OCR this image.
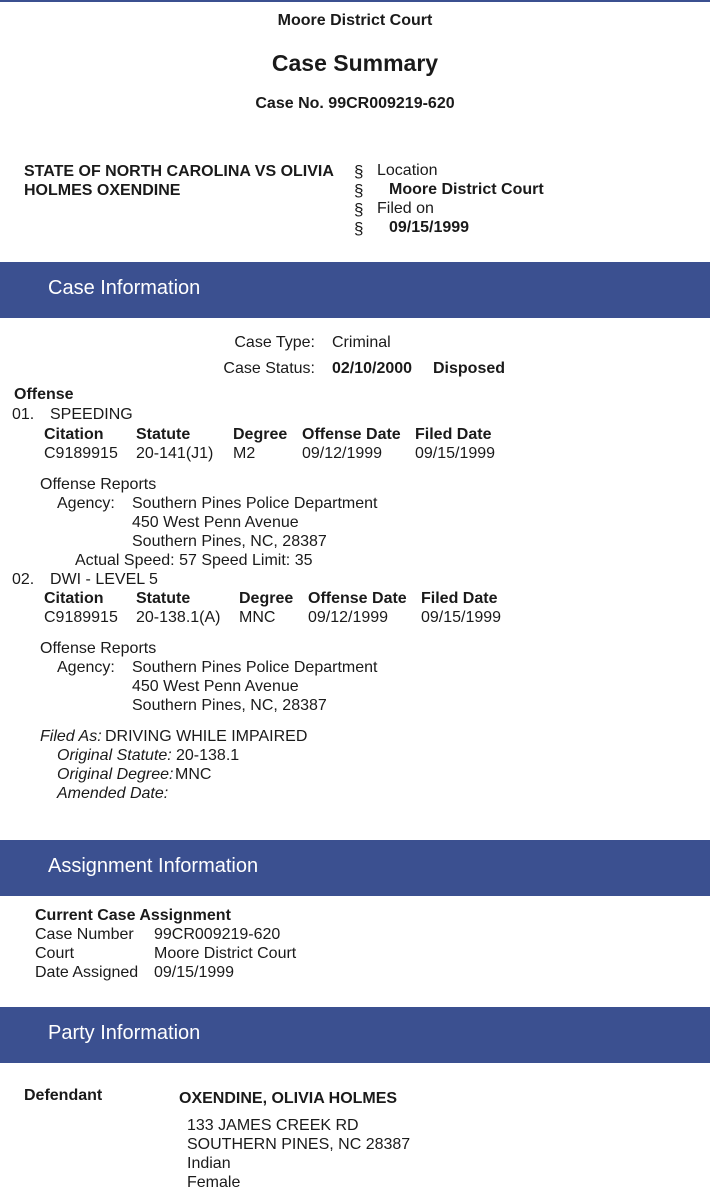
Moore District Court
Case Summary
Case No. 99CR009219-620
STATE OF NORTH CAROLINA VS OLIVIA HOLMES OXENDINE
§
§
§
§
Location
Moore District Court
Filed on
09/15/1999
Case Information
Case Type: Criminal
Case Status: 02/10/2000 Disposed
Offense
01. SPEEDING
Citation Statute	Degree Offense Date Filed Date
C9189915 20-141(J1) M2	09/12/1999 09/15/1999
Offense Reports
Agency: Southern Pines Police Department
450 West Penn Avenue
Southern Pines, NC, 28387
Actual Speed: 57 Speed Limit: 35
02. DWI - LEVEL 5
Citation Statute	Degree Offense Date Filed Date
C9189915 20-138.1(A) MNC 09/12/1999 09/15/1999
Offense Reports
Agency: Southern Pines Police Department
450 West Penn Avenue
Southern Pines, NC, 28387
Filed As: DRIVING WHILE IMPAIRED
Original Statute: 20-138.1
Original Degree: MNC
Amended Date:
Assignment Information
Current Case Assignment
Case Number 99CR009219-620
Court	Moore District Court
Date Assigned 09/15/1999
Party Information
Defendant	OXENDINE, OLIVIA HOLMES
133 JAMES CREEK RD
SOUTHERN PINES, NC 28387
Indian
Female
